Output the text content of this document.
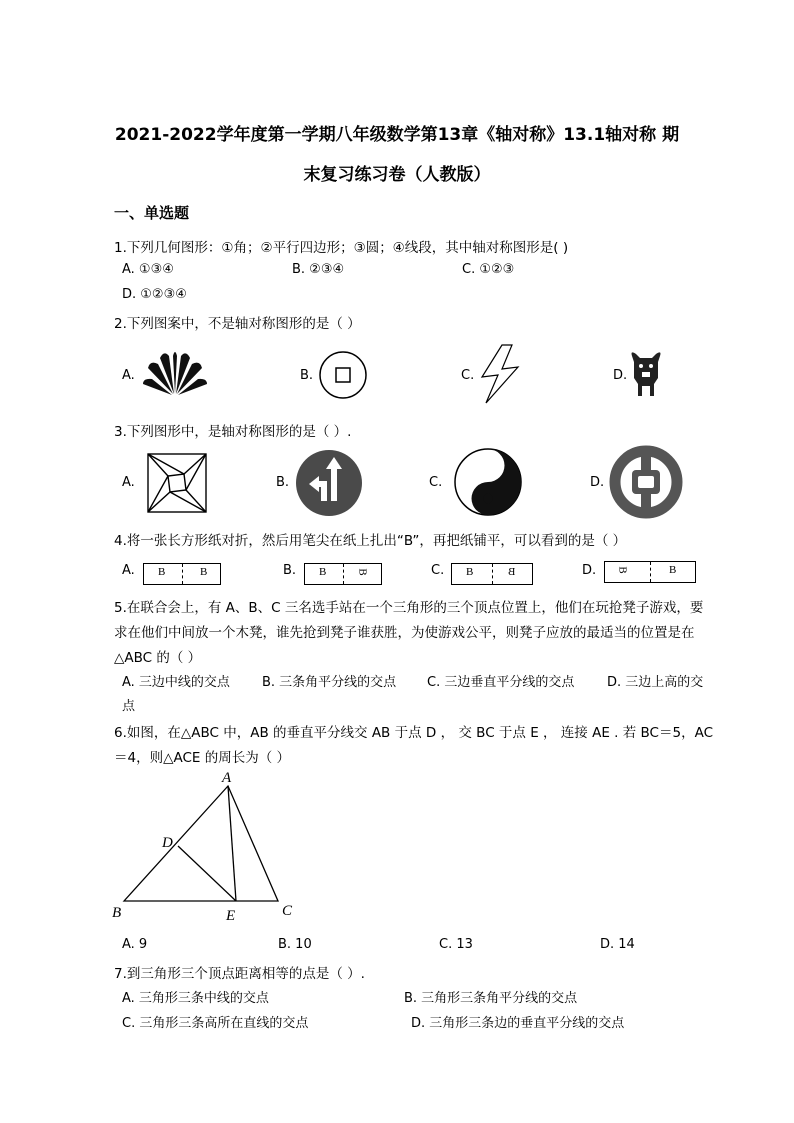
2021-2022学年度第一学期八年级数学第13章《轴对称》13.1轴对称 期
末复习练习卷（人教版）
一、单选题
1.下列几何图形：①角；②平行四边形；③圆；④线段，其中轴对称图形是( )
A. ①③④	B. ②③④	C. ①②③
D. ①②③④
2.下列图案中，不是轴对称图形的是（ ）
A.	B.	C.	D.
3.下列图形中，是轴对称图形的是（ ）.
A.	B.	C.	D.
4.将一张长方形纸对折，然后用笔尖在纸上扎出“B”，再把纸铺平，可以看到的是（ ）
A. B	B	B. B	B	C. B	B	D. B	B
5.在联合会上，有 A、B、C 三名选手站在一个三角形的三个顶点位置上，他们在玩抢凳子游戏，要
求在他们中间放一个木凳，谁先抢到凳子谁获胜，为使游戏公平，则凳子应放的最适当的位置是在
△ABC 的（ ）
A. 三边中线的交点 B. 三条角平分线的交点 C. 三边垂直平分线的交点	D. 三边上高的交
点
6.如图，在△ABC 中，AB 的垂直平分线交 AB 于点 D ， 交 BC 于点 E ， 连接 AE . 若 BC＝5，AC
＝4，则△ACE 的周长为（ ）
A
B	C
D
E
A. 9	B. 10	C. 13	D. 14
7.到三角形三个顶点距离相等的点是（ ）.
A. 三角形三条中线的交点	B. 三角形三条角平分线的交点
C. 三角形三条高所在直线的交点	D. 三角形三条边的垂直平分线的交点
